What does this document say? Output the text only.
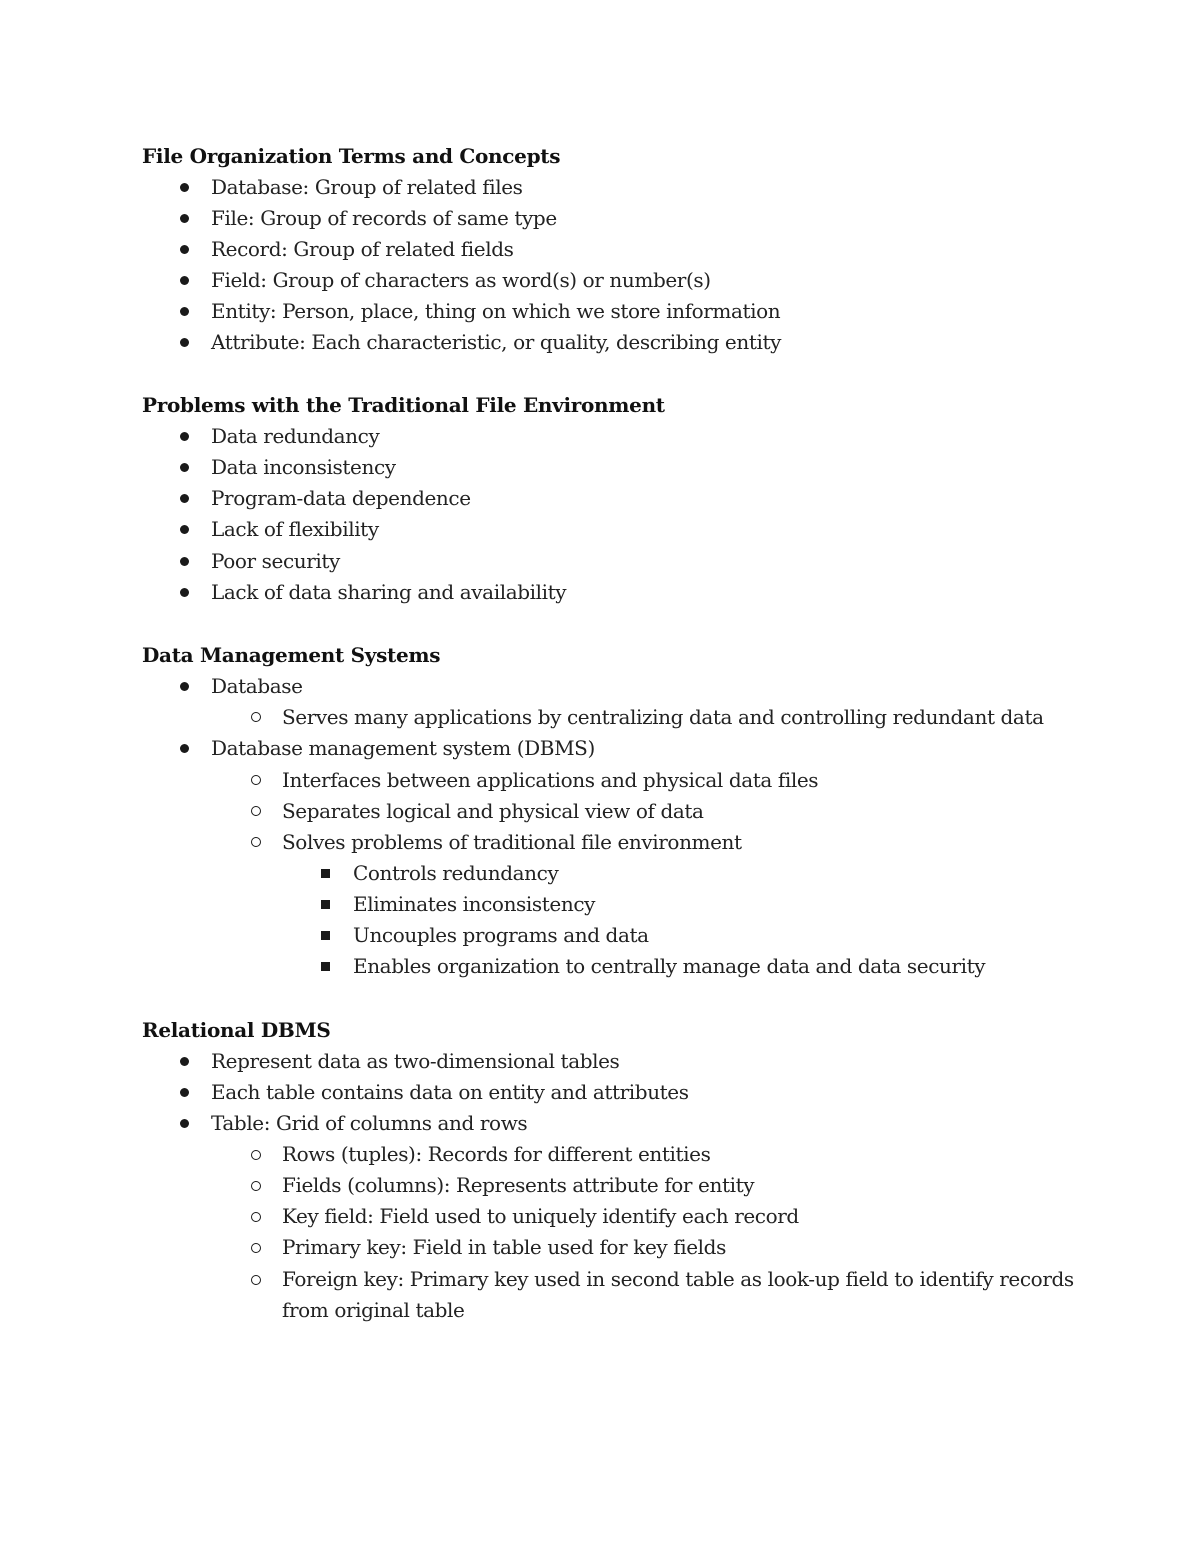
File Organization Terms and Concepts
Database: Group of related files
File: Group of records of same type
Record: Group of related fields
Field: Group of characters as word(s) or number(s)
Entity: Person, place, thing on which we store information
Attribute: Each characteristic, or quality, describing entity
Problems with the Traditional File Environment
Data redundancy
Data inconsistency
Program-data dependence
Lack of flexibility
Poor security
Lack of data sharing and availability
Data Management Systems
Database
Serves many applications by centralizing data and controlling redundant data
Database management system (DBMS)
Interfaces between applications and physical data files
Separates logical and physical view of data
Solves problems of traditional file environment
Controls redundancy
Eliminates inconsistency
Uncouples programs and data
Enables organization to centrally manage data and data security
Relational DBMS
Represent data as two-dimensional tables
Each table contains data on entity and attributes
Table: Grid of columns and rows
Rows (tuples): Records for different entities
Fields (columns): Represents attribute for entity
Key field: Field used to uniquely identify each record
Primary key: Field in table used for key fields
Foreign key: Primary key used in second table as look-up field to identify records
from original table
